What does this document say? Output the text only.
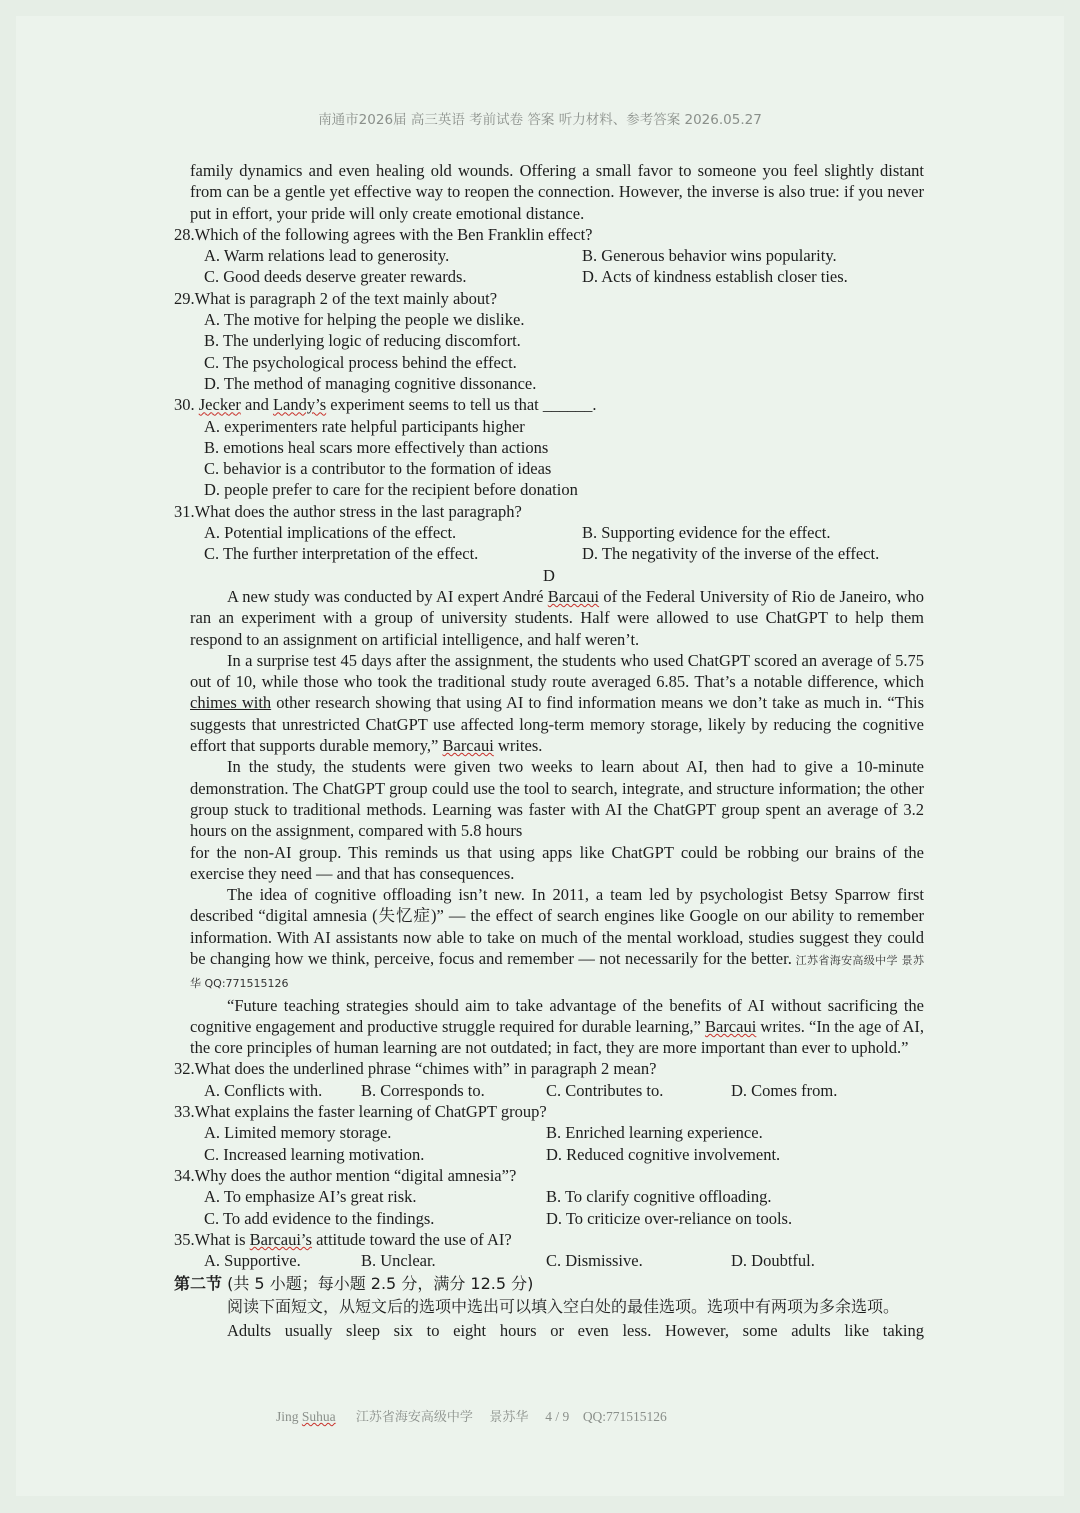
南通市2026届 高三英语 考前试卷 答案 听力材料、参考答案 2026.05.27

family dynamics and even healing old wounds. Offering a small favor to someone you feel slightly distant from can be a gentle yet effective way to reopen the connection. However, the inverse is also true: if you never put in effort, your pride will only create emotional distance.

28.Which of the following agrees with the Ben Franklin effect?

A. Warm relations lead to generosity.	B. Generous behavior wins popularity.
C. Good deeds deserve greater rewards.	D. Acts of kindness establish closer ties.

29.What is paragraph 2 of the text mainly about?

A. The motive for helping the people we dislike.
B. The underlying logic of reducing discomfort.
C. The psychological process behind the effect.
D. The method of managing cognitive dissonance.

30. Jecker and Landy’s experiment seems to tell us that ______.

A. experimenters rate helpful participants higher
B. emotions heal scars more effectively than actions
C. behavior is a contributor to the formation of ideas
D. people prefer to care for the recipient before donation

31.What does the author stress in the last paragraph?

A. Potential implications of the effect.	B. Supporting evidence for the effect.
C. The further interpretation of the effect.	D. The negativity of the inverse of the effect.
D

A new study was conducted by AI expert André Barcaui of the Federal University of Rio de Janeiro, who ran an experiment with a group of university students. Half were allowed to use ChatGPT to help them respond to an assignment on artificial intelligence, and half weren’t.

In a surprise test 45 days after the assignment, the students who used ChatGPT scored an average of 5.75 out of 10, while those who took the traditional study route averaged 6.85. That’s a notable difference, which chimes with other research showing that using AI to find information means we don’t take as much in. “This suggests that unrestricted ChatGPT use affected long-term memory storage, likely by reducing the cognitive effort that supports durable memory,” Barcaui writes.

In the study, the students were given two weeks to learn about AI, then had to give a 10-minute demonstration. The ChatGPT group could use the tool to search, integrate, and structure information; the other group stuck to traditional methods. Learning was faster with AI the ChatGPT group spent an average of 3.2 hours on the assignment, compared with 5.8 hours
for the non-AI group. This reminds us that using apps like ChatGPT could be robbing our brains of the exercise they need — and that has consequences.

The idea of cognitive offloading isn’t new. In 2011, a team led by psychologist Betsy Sparrow first described “digital amnesia (失忆症)” — the effect of search engines like Google on our ability to remember information. With AI assistants now able to take on much of the mental workload, studies suggest they could be changing how we think, perceive, focus and remember — not necessarily for the better. 江苏省海安高级中学 景苏华 QQ:771515126

“Future teaching strategies should aim to take advantage of the benefits of AI without sacrificing the cognitive engagement and productive struggle required for durable learning,” Barcaui writes. “In the age of AI, the core principles of human learning are not outdated; in fact, they are more important than ever to uphold.”

32.What does the underlined phrase “chimes with” in paragraph 2 mean?

A. Conflicts with.	B. Corresponds to.	C. Contributes to.	D. Comes from.

33.What explains the faster learning of ChatGPT group?

A. Limited memory storage.	B. Enriched learning experience.
C. Increased learning motivation.	D. Reduced cognitive involvement.

34.Why does the author mention “digital amnesia”?

A. To emphasize AI’s great risk.	B. To clarify cognitive offloading.
C. To add evidence to the findings.	D. To criticize over-reliance on tools.

35.What is Barcaui’s attitude toward the use of AI?

A. Supportive.	B. Unclear.	C. Dismissive.	D. Doubtful.

第二节 (共 5 小题；每小题 2.5 分，满分 12.5 分)

阅读下面短文，从短文后的选项中选出可以填入空白处的最佳选项。选项中有两项为多余选项。

Adults usually sleep six to eight hours or even less. However, some adults like taking

Jing Suhua 江苏省海安高级中学    景苏华 4 / 9 QQ:771515126
